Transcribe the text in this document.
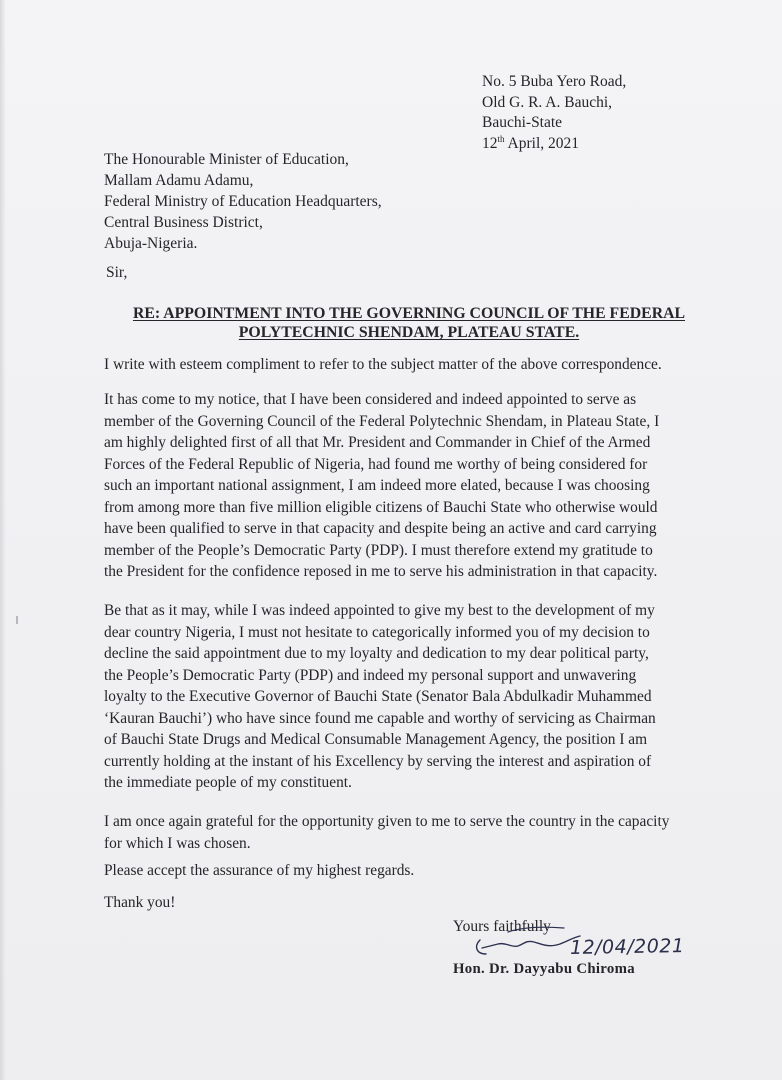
No. 5 Buba Yero Road,
Old G. R. A. Bauchi,
Bauchi-State
12th April, 2021
The Honourable Minister of Education,
Mallam Adamu Adamu,
Federal Ministry of Education Headquarters,
Central Business District,
Abuja-Nigeria.
Sir,
RE: APPOINTMENT INTO THE GOVERNING COUNCIL OF THE FEDERAL
POLYTECHNIC SHENDAM, PLATEAU STATE.
I write with esteem compliment to refer to the subject matter of the above correspondence.
It has come to my notice, that I have been considered and indeed appointed to serve as
member of the Governing Council of the Federal Polytechnic Shendam, in Plateau State, I
am highly delighted first of all that Mr. President and Commander in Chief of the Armed
Forces of the Federal Republic of Nigeria, had found me worthy of being considered for
such an important national assignment, I am indeed more elated, because I was choosing
from among more than five million eligible citizens of Bauchi State who otherwise would
have been qualified to serve in that capacity and despite being an active and card carrying
member of the People’s Democratic Party (PDP). I must therefore extend my gratitude to
the President for the confidence reposed in me to serve his administration in that capacity.
Be that as it may, while I was indeed appointed to give my best to the development of my
dear country Nigeria, I must not hesitate to categorically informed you of my decision to
decline the said appointment due to my loyalty and dedication to my dear political party,
the People’s Democratic Party (PDP) and indeed my personal support and unwavering
loyalty to the Executive Governor of Bauchi State (Senator Bala Abdulkadir Muhammed
‘Kauran Bauchi’) who have since found me capable and worthy of servicing as Chairman
of Bauchi State Drugs and Medical Consumable Management Agency, the position I am
currently holding at the instant of his Excellency by serving the interest and aspiration of
the immediate people of my constituent.
I am once again grateful for the opportunity given to me to serve the country in the capacity
for which I was chosen.
Please accept the assurance of my highest regards.
Thank you!
Yours faithfully
12/04/2021
Hon. Dr. Dayyabu Chiroma
